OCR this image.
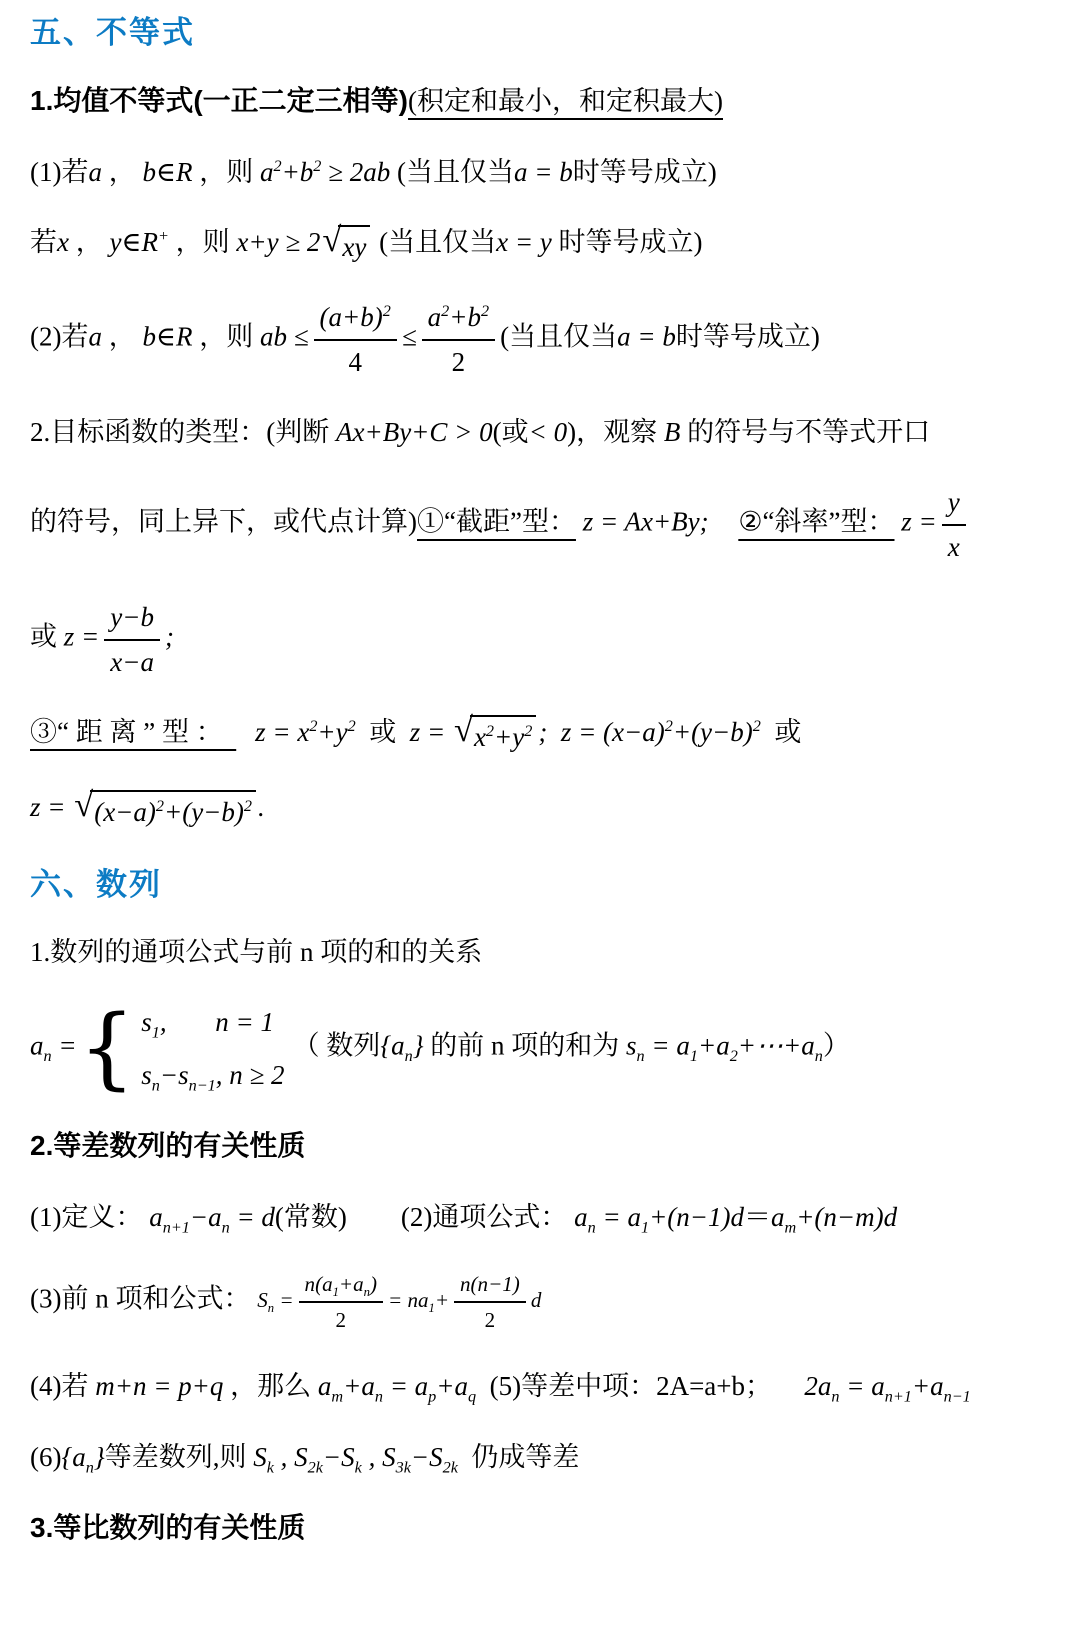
五、不等式
1.均值不等式(一正二定三相等)(积定和最小，和定积最大)
(1)若a ， b∈R ，则 $a^2+b^2 \ge 2ab$ (当且仅当a = b时等号成立)
若x ， y∈R+ ，则 x+y ≥ 2 √ xy (当且仅当x = y 时等号成立)
(2)若a ， b∈R ，则 ab ≤ $\frac{(a+b)^2}{4} \le \frac{a^2+b^2}{2}$ (当且仅当a = b时等号成立)
2.目标函数的类型：(判断 Ax+By+C > 0(或< 0)，观察 B 的符号与不等式开口
的符号，同上异下，或代点计算)①“截距”型： z = Ax+By; ②“斜率”型： $z = \frac{y}{x}$
或 $z = \frac{y-b}{x-a}$ ;
③“ 距 离 ” 型 ：  $z = x^2+y^2$  或  z = √ $x^2+y^2$ ;  $z = (x-a)^2+(y-b)^2$  或
z = √ $(x-a)^2+(y-b)^2$ .
六、数列
1.数列的通项公式与前 n 项的和的关系
$a_n$ = { $s_1$, n = 1
$s_n-s_{n-1}$, n ≥ 2
（ 数列$\{a_n\}$ 的前 n 项的和为 $s_n$ = $a_1+a_2+\cdots+a_n$）
2.等差数列的有关性质
(1)定义： $a_{n+1}-a_n = d$(常数) (2)通项公式： $a_n = a_1+(n-1)d=a_m+(n-m)d$
(3)前 n 项和公式： $S_n = \frac{n(a_1+a_n)}{2} = na_1+ \frac{n(n-1)}{2}$ d
(4)若 m+n = p+q ，那么 $a_m+a_n = a_p+a_q$  (5)等差中项：2A=a+b； $2a_n = a_{n+1}+a_{n-1}$
$(6)\{a_n\}$等差数列,则 $S_k$ , $S_{2k}-S_k$ , $S_{3k}-S_{2k}$  仍成等差
3.等比数列的有关性质
